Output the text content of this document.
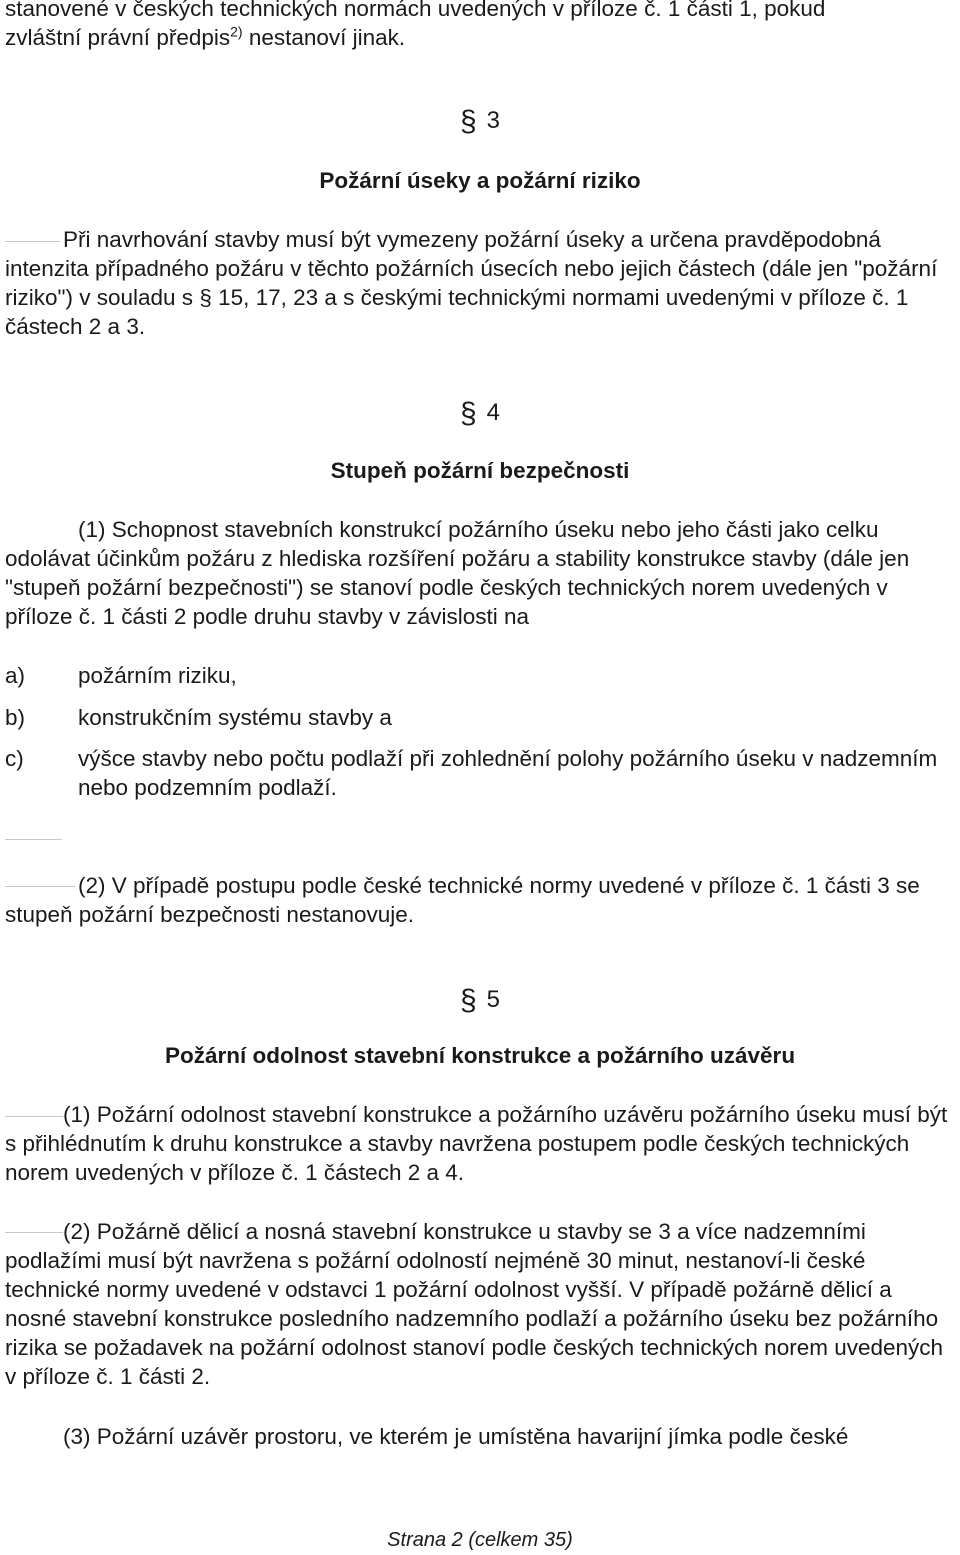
stanovené v českých technických normách uvedených v příloze č. 1 části 1, pokud
zvláštní právní předpis$^{2)}$ nestanoví jinak.

§ 3
Požární úseky a požární riziko

Při navrhování stavby musí být vymezeny požární úseky a určena pravděpodobná intenzita případného požáru v těchto požárních úsecích nebo jejich částech (dále jen "požární riziko") v souladu s § 15, 17, 23 a s českými technickými normami uvedenými v příloze č. 1 částech 2 a 3.

§ 4
Stupeň požární bezpečnosti

(1) Schopnost stavebních konstrukcí požárního úseku nebo jeho části jako celku odolávat účinkům požáru z hlediska rozšíření požáru a stability konstrukce stavby (dále jen "stupeň požární bezpečnosti") se stanoví podle českých technických norem uvedených v příloze č. 1 části 2 podle druhu stavby v závislosti na

a) požárním riziku,
b) konstrukčním systému stavby a
c) výšce stavby nebo počtu podlaží při zohlednění polohy požárního úseku v nadzemním nebo podzemním podlaží.

(2) V případě postupu podle české technické normy uvedené v příloze č. 1 části 3 se stupeň požární bezpečnosti nestanovuje.

§ 5
Požární odolnost stavební konstrukce a požárního uzávěru

(1) Požární odolnost stavební konstrukce a požárního uzávěru požárního úseku musí být s přihlédnutím k druhu konstrukce a stavby navržena postupem podle českých technických norem uvedených v příloze č. 1 částech 2 a 4.

(2) Požárně dělicí a nosná stavební konstrukce u stavby se 3 a více nadzemními podlažími musí být navržena s požární odolností nejméně 30 minut, nestanoví-li české technické normy uvedené v odstavci 1 požární odolnost vyšší. V případě požárně dělicí a nosné stavební konstrukce posledního nadzemního podlaží a požárního úseku bez požárního rizika se požadavek na požární odolnost stanoví podle českých technických norem uvedených v příloze č. 1 části 2.

(3) Požární uzávěr prostoru, ve kterém je umístěna havarijní jímka podle české

Strana 2 (celkem 35)
